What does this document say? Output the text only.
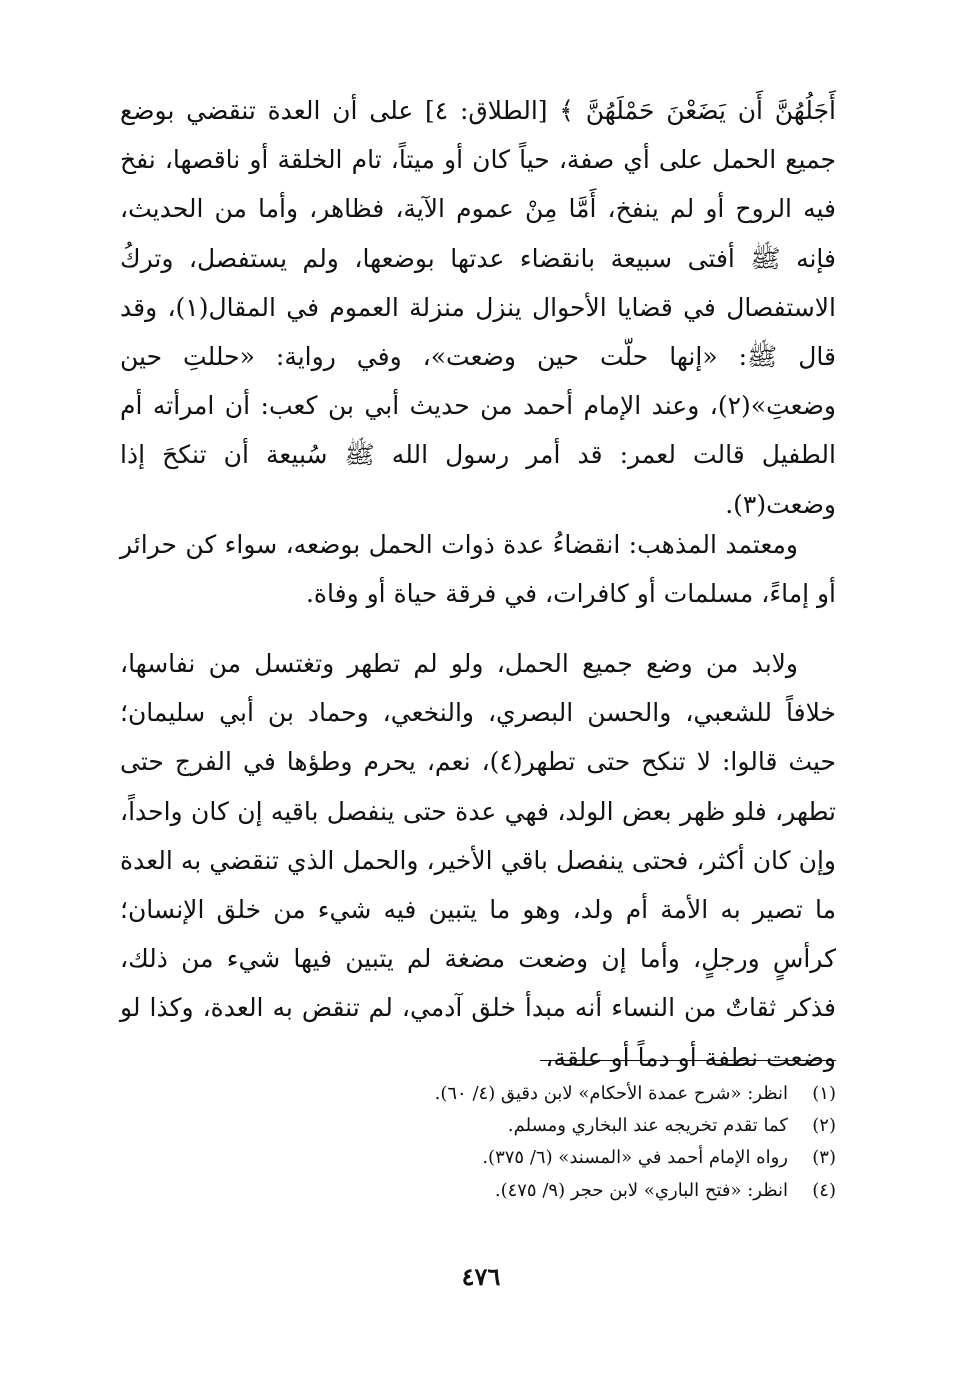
أَجَلُهُنَّ أَن يَضَعْنَ حَمْلَهُنَّ ﴾ [الطلاق: ٤] على أن العدة تنقضي بوضع جميع الحمل على أي صفة، حياً كان أو ميتاً، تام الخلقة أو ناقصها، نفخ فيه الروح أو لم ينفخ، أَمَّا مِنْ عموم الآية، فظاهر، وأما من الحديث، فإنه ﷺ أفتى سبيعة بانقضاء عدتها بوضعها، ولم يستفصل، وتركُ الاستفصال في قضايا الأحوال ينزل منزلة العموم في المقال(١)، وقد قال ﷺ: «إنها حلّت حين وضعت»، وفي رواية: «حللتِ حين وضعتِ»(٢)، وعند الإمام أحمد من حديث أبي بن كعب: أن امرأته أم الطفيل قالت لعمر: قد أمر رسول الله ﷺ سُبيعة أن تنكحَ إذا وضعت(٣).

ومعتمد المذهب: انقضاءُ عدة ذوات الحمل بوضعه، سواء كن حرائر أو إماءً، مسلمات أو كافرات، في فرقة حياة أو وفاة.

ولابد من وضع جميع الحمل، ولو لم تطهر وتغتسل من نفاسها، خلافاً للشعبي، والحسن البصري، والنخعي، وحماد بن أبي سليمان؛ حيث قالوا: لا تنكح حتى تطهر(٤)، نعم، يحرم وطؤها في الفرج حتى تطهر، فلو ظهر بعض الولد، فهي عدة حتى ينفصل باقيه إن كان واحداً، وإن كان أكثر، فحتى ينفصل باقي الأخير، والحمل الذي تنقضي به العدة ما تصير به الأمة أم ولد، وهو ما يتبين فيه شيء من خلق الإنسان؛ كرأسٍ ورجلٍ، وأما إن وضعت مضغة لم يتبين فيها شيء من ذلك، فذكر ثقاتٌ من النساء أنه مبدأ خلق آدمي، لم تنقض به العدة، وكذا لو وضعت نطفة أو دماً أو علقة،

(١)
انظر: «شرح عمدة الأحكام» لابن دقيق (٤/ ٦٠).
(٢)
كما تقدم تخريجه عند البخاري ومسلم.
(٣)
رواه الإمام أحمد في «المسند» (٦/ ٣٧٥).
(٤)
انظر: «فتح الباري» لابن حجر (٩/ ٤٧٥).
٤٧٦
